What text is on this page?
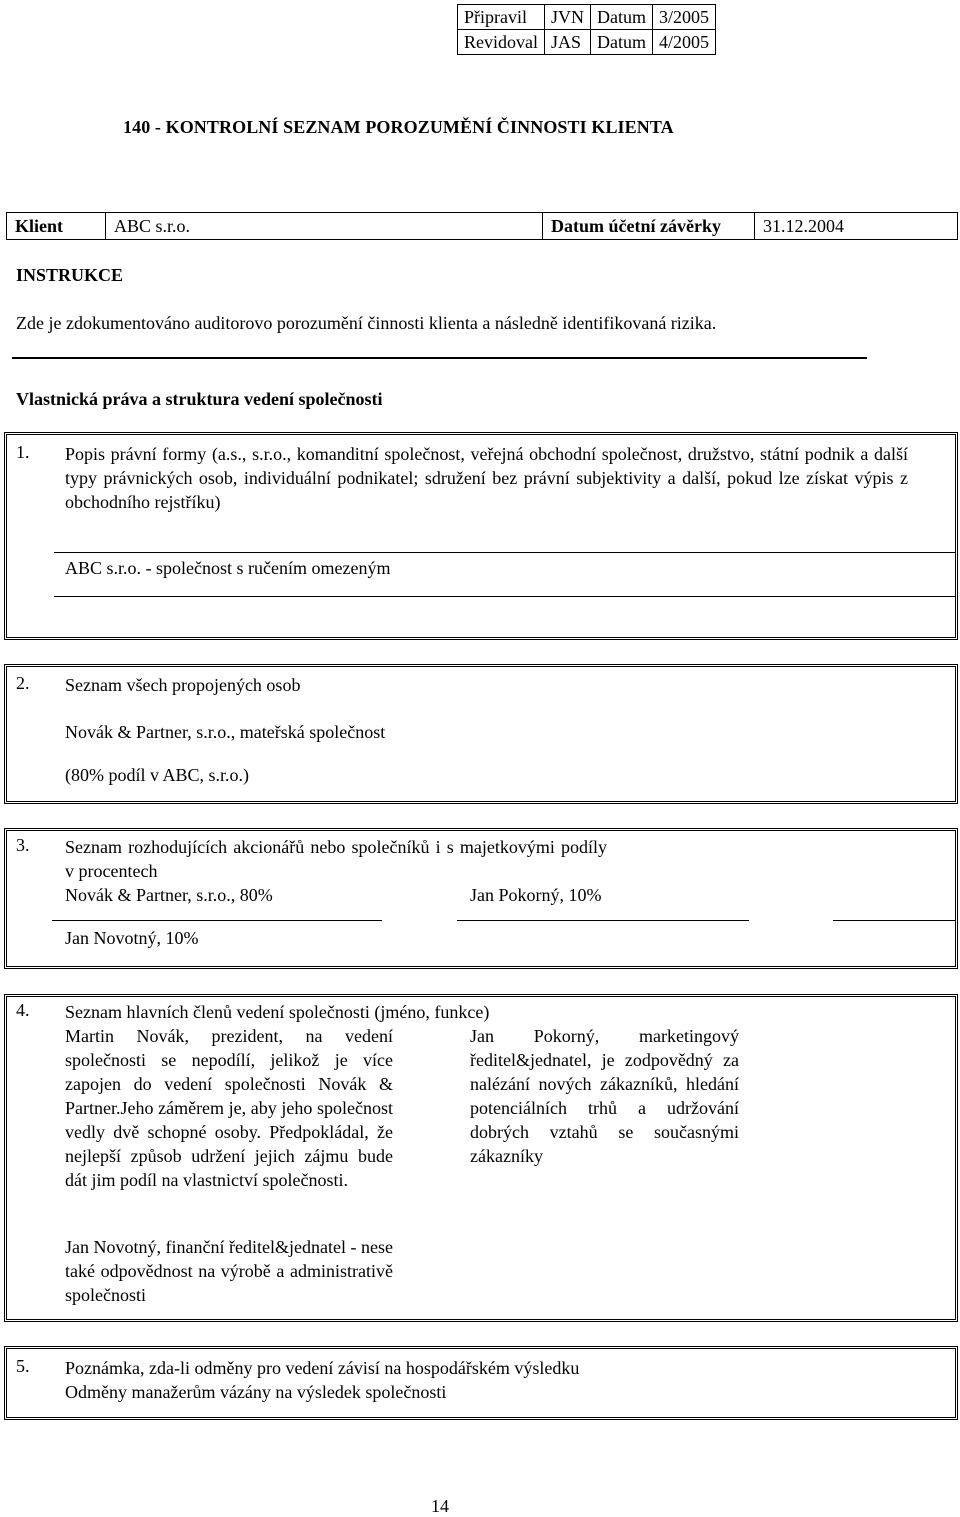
Připravil	JVN	Datum	3/2005
Revidoval	JAS	Datum	4/2005
140 - KONTROLNÍ SEZNAM POROZUMĚNÍ ČINNOSTI KLIENTA
Klient	ABC s.r.o.	Datum účetní závěrky	31.12.2004
INSTRUKCE
Zde je zdokumentováno auditorovo porozumění činnosti klienta a následně identifikovaná rizika.
Vlastnická práva a struktura vedení společnosti
1. Popis právní formy (a.s., s.r.o., komanditní společnost, veřejná obchodní společnost, družstvo, státní podnik a další typy právnických osob, individuální podnikatel; sdružení bez právní subjektivity a další, pokud lze získat výpis z obchodního rejstříku)
ABC s.r.o. - společnost s ručením omezeným
2. Seznam všech propojených osob
Novák & Partner, s.r.o., mateřská společnost
(80% podíl v ABC, s.r.o.)
3. Seznam rozhodujících akcionářů nebo společníků i s majetkovými podíly v procentech
Novák & Partner, s.r.o., 80%	Jan Pokorný, 10%
Jan Novotný, 10%
4. Seznam hlavních členů vedení společnosti (jméno, funkce)
Martin Novák, prezident, na vedení společnosti se nepodílí, jelikož je více zapojen do vedení společnosti Novák & Partner.Jeho záměrem je, aby jeho společnost vedly dvě schopné osoby. Předpokládal, že nejlepší způsob udržení jejich zájmu bude dát jim podíl na vlastnictví společnosti.
Jan Pokorný, marketingový ředitel&jednatel, je zodpovědný za nalézání nových zákazníků, hledání potenciálních trhů a udržování dobrých vztahů se současnými zákazníky
Jan Novotný, finanční ředitel&jednatel - nese také odpovědnost na výrobě a administrativě společnosti
5. Poznámka, zda-li odměny pro vedení závisí na hospodářském výsledku
Odměny manažerům vázány na výsledek společnosti
14
